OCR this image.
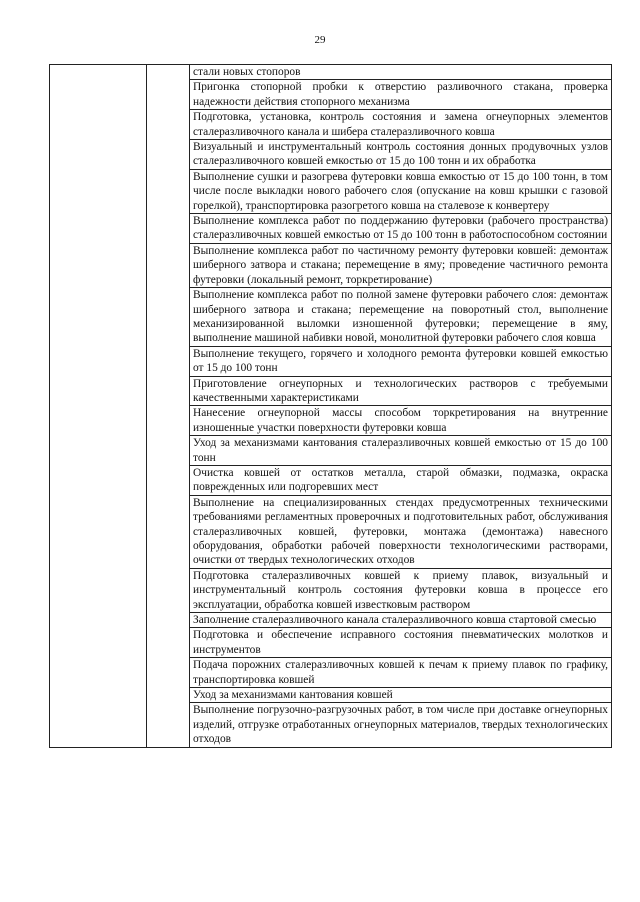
29
		стали новых стопоров
Пригонка стопорной пробки к отверстию разливочного стакана, проверка надежности действия стопорного механизма
Подготовка, установка, контроль состояния и замена огнеупорных элементов сталеразливочного канала и шибера сталеразливочного ковша
Визуальный и инструментальный контроль состояния донных продувочных узлов сталеразливочного ковшей емкостью от 15 до 100 тонн и их обработка
Выполнение сушки и разогрева футеровки ковша емкостью от 15 до 100 тонн, в том числе после выкладки нового рабочего слоя (опускание на ковш крышки с газовой горелкой), транспортировка разогретого ковша на сталевозе к конвертеру
Выполнение комплекса работ по поддержанию футеровки (рабочего пространства) сталеразливочных ковшей емкостью от 15 до 100 тонн в работоспособном состоянии
Выполнение комплекса работ по частичному ремонту футеровки ковшей: демонтаж шиберного затвора и стакана; перемещение в яму; проведение частичного ремонта футеровки (локальный ремонт, торкретирование)
Выполнение комплекса работ по полной замене футеровки рабочего слоя: демонтаж шиберного затвора и стакана; перемещение на поворотный стол, выполнение механизированной выломки изношенной футеровки; перемещение в яму, выполнение машиной набивки новой, монолитной футеровки рабочего слоя ковша
Выполнение текущего, горячего и холодного ремонта футеровки ковшей емкостью от 15 до 100 тонн
Приготовление огнеупорных и технологических растворов с требуемыми качественными характеристиками
Нанесение огнеупорной массы способом торкретирования на внутренние изношенные участки поверхности футеровки ковша
Уход за механизмами кантования сталеразливочных ковшей емкостью от 15 до 100 тонн
Очистка ковшей от остатков металла, старой обмазки, подмазка, окраска поврежденных или подгоревших мест
Выполнение на специализированных стендах предусмотренных техническими требованиями регламентных проверочных и подготовительных работ, обслуживания сталеразливочных ковшей, футеровки, монтажа (демонтажа) навесного оборудования, обработки рабочей поверхности технологическими растворами, очистки от твердых технологических отходов
Подготовка сталеразливочных ковшей к приему плавок, визуальный и инструментальный контроль состояния футеровки ковша в процессе его эксплуатации, обработка ковшей известковым раствором
Заполнение сталеразливочного канала сталеразливочного ковша стартовой смесью
Подготовка и обеспечение исправного состояния пневматических молотков и инструментов
Подача порожних сталеразливочных ковшей к печам к приему плавок по графику, транспортировка ковшей
Уход за механизмами кантования ковшей
Выполнение погрузочно-разгрузочных работ, в том числе при доставке огнеупорных изделий, отгрузке отработанных огнеупорных материалов, твердых технологических отходов
